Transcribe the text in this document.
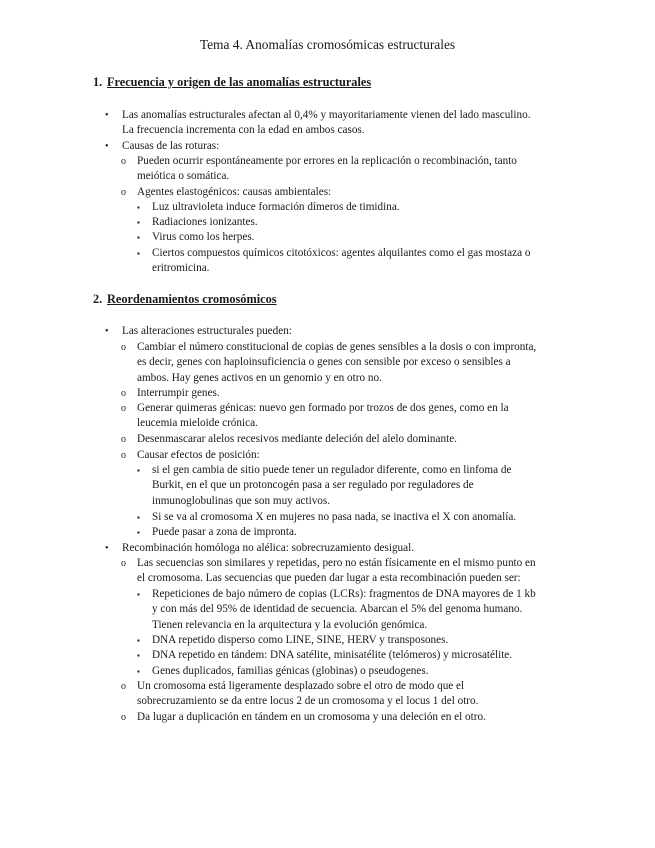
Tema 4. Anomalías cromosómicas estructurales
1. Frecuencia y origen de las anomalías estructurales
• Las anomalías estructurales afectan al 0,4% y mayoritariamente vienen del lado masculino.
La frecuencia incrementa con la edad en ambos casos.
• Causas de las roturas:
o Pueden ocurrir espontáneamente por errores en la replicación o recombinación, tanto
meiótica o somática.
o Agentes elastogénicos: causas ambientales:
▪ Luz ultravioleta induce formación dímeros de timidina.
▪ Radiaciones ionizantes.
▪ Virus como los herpes.
▪ Ciertos compuestos químicos citotóxicos: agentes alquilantes como el gas mostaza o
eritromicina.
2. Reordenamientos cromosómicos
• Las alteraciones estructurales pueden:
o Cambiar el número constitucional de copias de genes sensibles a la dosis o con impronta,
es decir, genes con haploinsuficiencia o genes con sensible por exceso o sensibles a
ambos. Hay genes activos en un genomio y en otro no.
o Interrumpir genes.
o Generar quimeras génicas: nuevo gen formado por trozos de dos genes, como en la
leucemia mieloide crónica.
o Desenmascarar alelos recesivos mediante deleción del alelo dominante.
o Causar efectos de posición:
▪ si el gen cambia de sitio puede tener un regulador diferente, como en linfoma de
Burkit, en el que un protoncogén pasa a ser regulado por reguladores de
inmunoglobulinas que son muy activos.
▪ Si se va al cromosoma X en mujeres no pasa nada, se inactiva el X con anomalía.
▪ Puede pasar a zona de impronta.
• Recombinación homóloga no alélica: sobrecruzamiento desigual.
o Las secuencias son similares y repetidas, pero no están físicamente en el mismo punto en
el cromosoma. Las secuencias que pueden dar lugar a esta recombinación pueden ser:
▪ Repeticiones de bajo número de copias (LCRs): fragmentos de DNA mayores de 1 kb
y con más del 95% de identidad de secuencia. Abarcan el 5% del genoma humano.
Tienen relevancia en la arquitectura y la evolución genómica.
▪ DNA repetido disperso como LINE, SINE, HERV y transposones.
▪ DNA repetido en tándem: DNA satélite, minisatélite (telómeros) y microsatélite.
▪ Genes duplicados, familias génicas (globinas) o pseudogenes.
o Un cromosoma está ligeramente desplazado sobre el otro de modo que el
sobrecruzamiento se da entre locus 2 de un cromosoma y el locus 1 del otro.
o Da lugar a duplicación en tándem en un cromosoma y una deleción en el otro.
